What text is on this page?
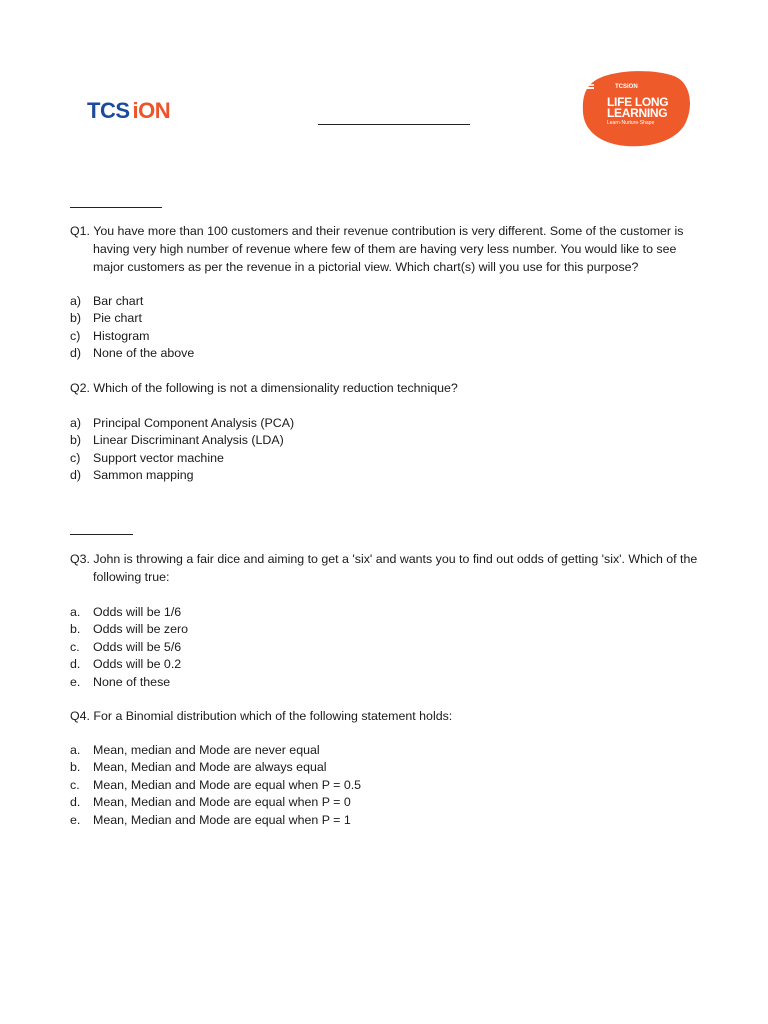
TCS iON
TCSiON
LIFE LONG
LEARNING
Learn·Nurture·Shape
Q1. You have more than 100 customers and their revenue contribution is very different. Some of the customer is having very high number of revenue where few of them are having very less number. You would like to see major customers as per the revenue in a pictorial view. Which chart(s) will you use for this purpose?
a) Bar chart
b) Pie chart
c)	Histogram
d) None of the above
Q2. Which of the following is not a dimensionality reduction technique?
a) Principal Component Analysis (PCA)
b) Linear Discriminant Analysis (LDA)
c)	Support vector machine
d) Sammon mapping
Q3. John is throwing a fair dice and aiming to get a 'six' and wants you to find out odds of getting 'six'. Which of the following true:
a.	Odds will be 1/6
b.	Odds will be zero
c.	Odds will be 5/6
d.	Odds will be 0.2
e.	None of these
Q4. For a Binomial distribution which of the following statement holds:
a.	Mean, median and Mode are never equal
b.	Mean, Median and Mode are always equal
c.	Mean, Median and Mode are equal when P = 0.5
d.	Mean, Median and Mode are equal when P = 0
e.	Mean, Median and Mode are equal when P = 1
